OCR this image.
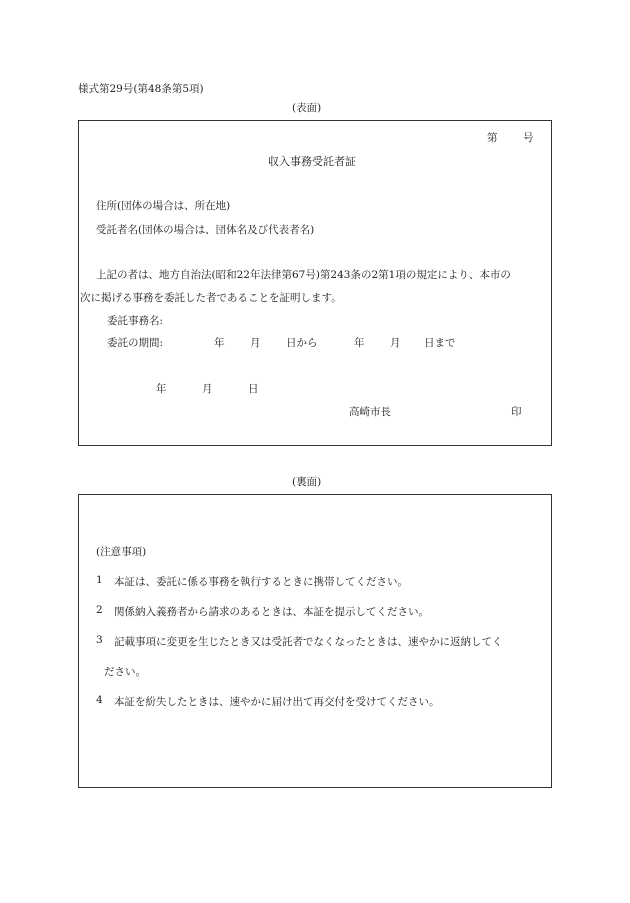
様式第29号(第48条第5項)
(表面)
第 号
収入事務受託者証
住所(団体の場合は、所在地)
受託者名(団体の場合は、団体名及び代表者名)
上記の者は、地方自治法(昭和22年法律第67号)第243条の2第1項の規定により、本市の
次に掲げる事務を委託した者であることを証明します。
委託事務名:
委託の期間:	年 月 日から	年 月 日まで
年	月	日
高崎市長	印
(裏面)
(注意事項)
1 本証は、委託に係る事務を執行するときに携帯してください。
2 関係納入義務者から請求のあるときは、本証を提示してください。
3 記載事項に変更を生じたとき又は受託者でなくなったときは、速やかに返納してく
ださい。
4 本証を紛失したときは、速やかに届け出て再交付を受けてください。
